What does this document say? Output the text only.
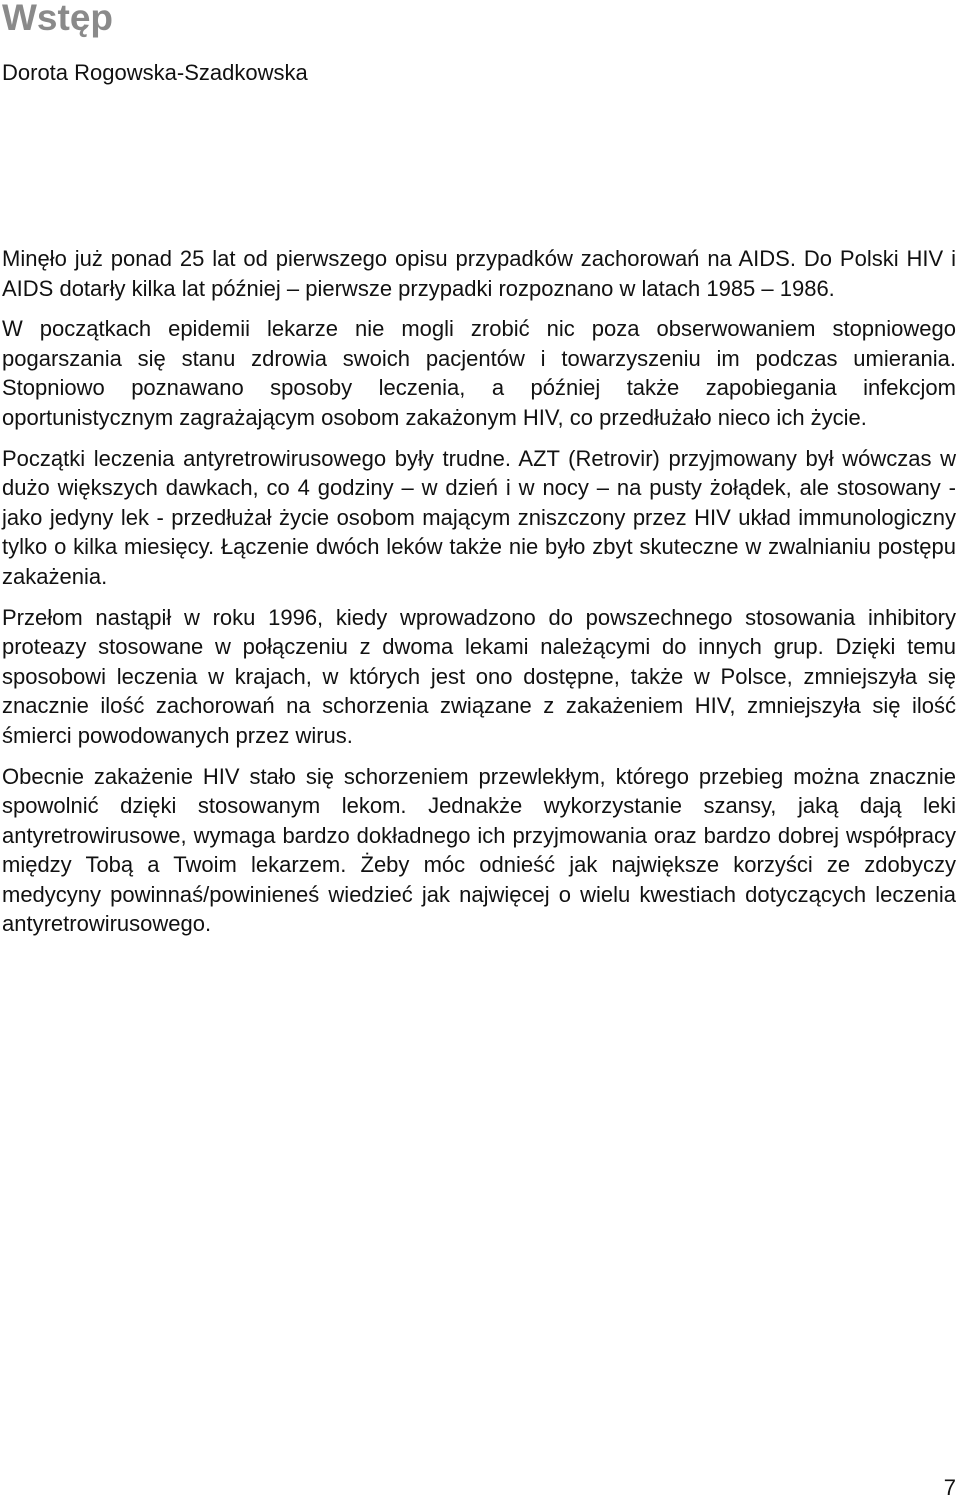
Wstęp

Dorota Rogowska-Szadkowska

Minęło już ponad 25 lat od pierwszego opisu przypadków zachorowań na AIDS. Do Polski HIV i AIDS dotarły kilka lat później – pierwsze przypadki rozpoznano w latach 1985 – 1986.

W początkach epidemii lekarze nie mogli zrobić nic poza obserwowaniem stopniowego pogarszania się stanu zdrowia swoich pacjentów i towarzyszeniu im podczas umierania. Stopniowo poznawano sposoby leczenia, a później także zapobiegania infekcjom oportunistycznym zagrażającym osobom zakażonym HIV, co przedłużało nieco ich życie.

Początki leczenia antyretrowirusowego były trudne. AZT (Retrovir) przyjmowany był wówczas w dużo większych dawkach, co 4 godziny – w dzień i w nocy – na pusty żołądek, ale stosowany - jako jedyny lek - przedłużał życie osobom mającym zniszczony przez HIV układ immunologiczny tylko o kilka miesięcy. Łączenie dwóch leków także nie było zbyt skuteczne w zwalnianiu postępu zakażenia.

Przełom nastąpił w roku 1996, kiedy wprowadzono do powszechnego stosowania inhibitory proteazy stosowane w połączeniu z dwoma lekami należącymi do innych grup. Dzięki temu sposobowi leczenia w krajach, w których jest ono dostępne, także w Polsce, zmniejszyła się znacznie ilość zachorowań na schorzenia związane z zakażeniem HIV, zmniejszyła się ilość śmierci powodowanych przez wirus.

Obecnie zakażenie HIV stało się schorzeniem przewlekłym, którego przebieg można znacznie spowolnić dzięki stosowanym lekom. Jednakże wykorzystanie szansy, jaką dają leki antyretrowirusowe, wymaga bardzo dokładnego ich przyjmowania oraz bardzo dobrej współpracy między Tobą a Twoim lekarzem. Żeby móc odnieść jak największe korzyści ze zdobyczy medycyny powinnaś/powinieneś wiedzieć jak najwięcej o wielu kwestiach dotyczących leczenia antyretrowirusowego.

7
